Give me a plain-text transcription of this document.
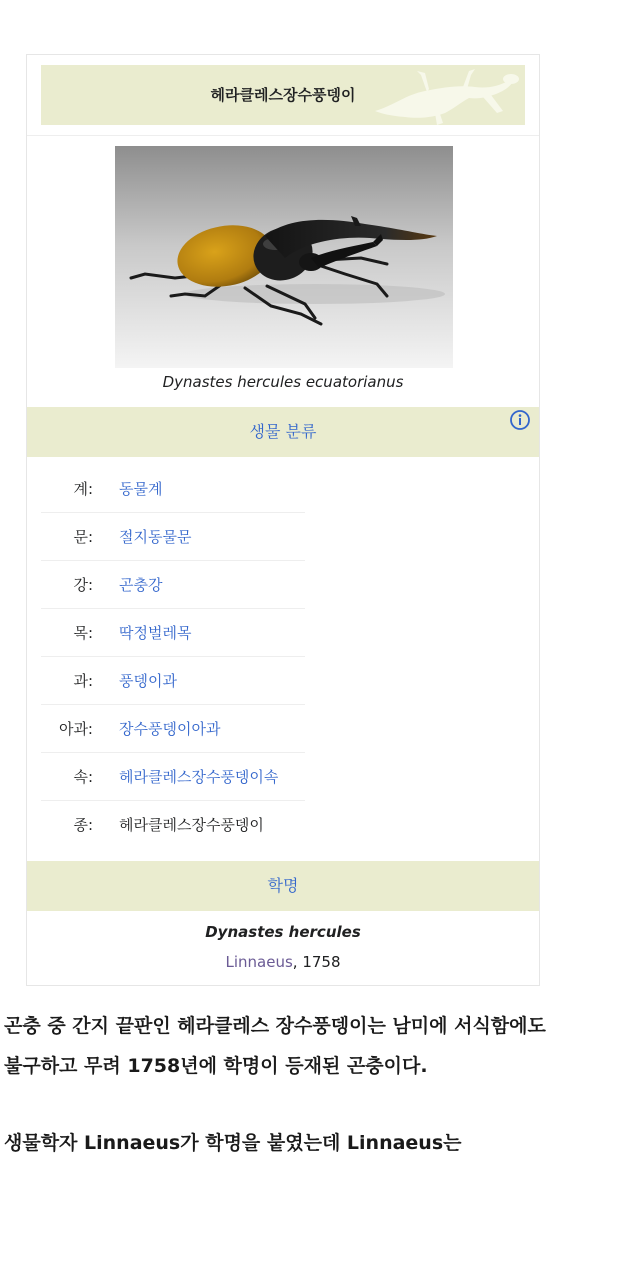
헤라클레스장수풍뎅이
Dynastes hercules ecuatorianus
생물 분류
계: 동물계
문: 절지동물문
강: 곤충강
목: 딱정벌레목
과: 풍뎅이과
아과: 장수풍뎅이아과
속: 헤라클레스장수풍뎅이속
종: 헤라클레스장수풍뎅이
학명
Dynastes hercules
Linnaeus, 1758
곤충 중 간지 끝판인 헤라클레스 장수풍뎅이는 남미에 서식함에도
불구하고 무려 1758년에 학명이 등재된 곤충이다.
생물학자 Linnaeus가 학명을 붙였는데 Linnaeus는
